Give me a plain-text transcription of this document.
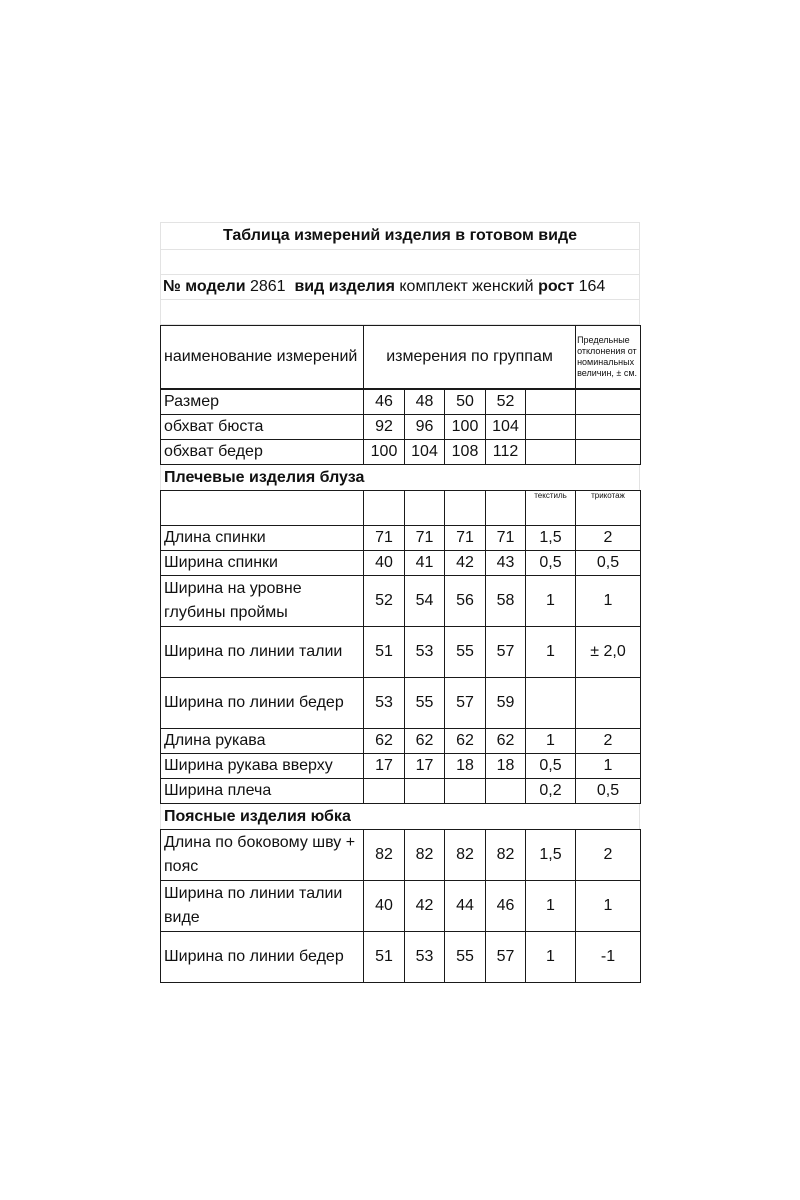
Таблица измерений изделия в готовом виде
№ модели
2861
вид изделия
комплект женский
рост
164
наименование измерений	измерения по группам	Предельные отклонения от номинальных величин, ± см.
Размер	46	48	50	52		
обхват бюста	92	96	100	104		
обхват бедер	100	104	108	112		
Плечевые изделия блуза
					текстиль	трикотаж
Длина спинки	71	71	71	71	1,5	2
Ширина спинки	40	41	42	43	0,5	0,5
Ширина на уровне глубины проймы	52	54	56	58	1	1
Ширина по линии талии	51	53	55	57	1	± 2,0
Ширина по линии бедер	53	55	57	59		
Длина рукава	62	62	62	62	1	2
Ширина рукава вверху	17	17	18	18	0,5	1
Ширина плеча					0,2	0,5
Поясные изделия юбка
Длина по боковому шву + пояс	82	82	82	82	1,5	2
Ширина по линии талии виде	40	42	44	46	1	1
Ширина по линии бедер	51	53	55	57	1	-1
